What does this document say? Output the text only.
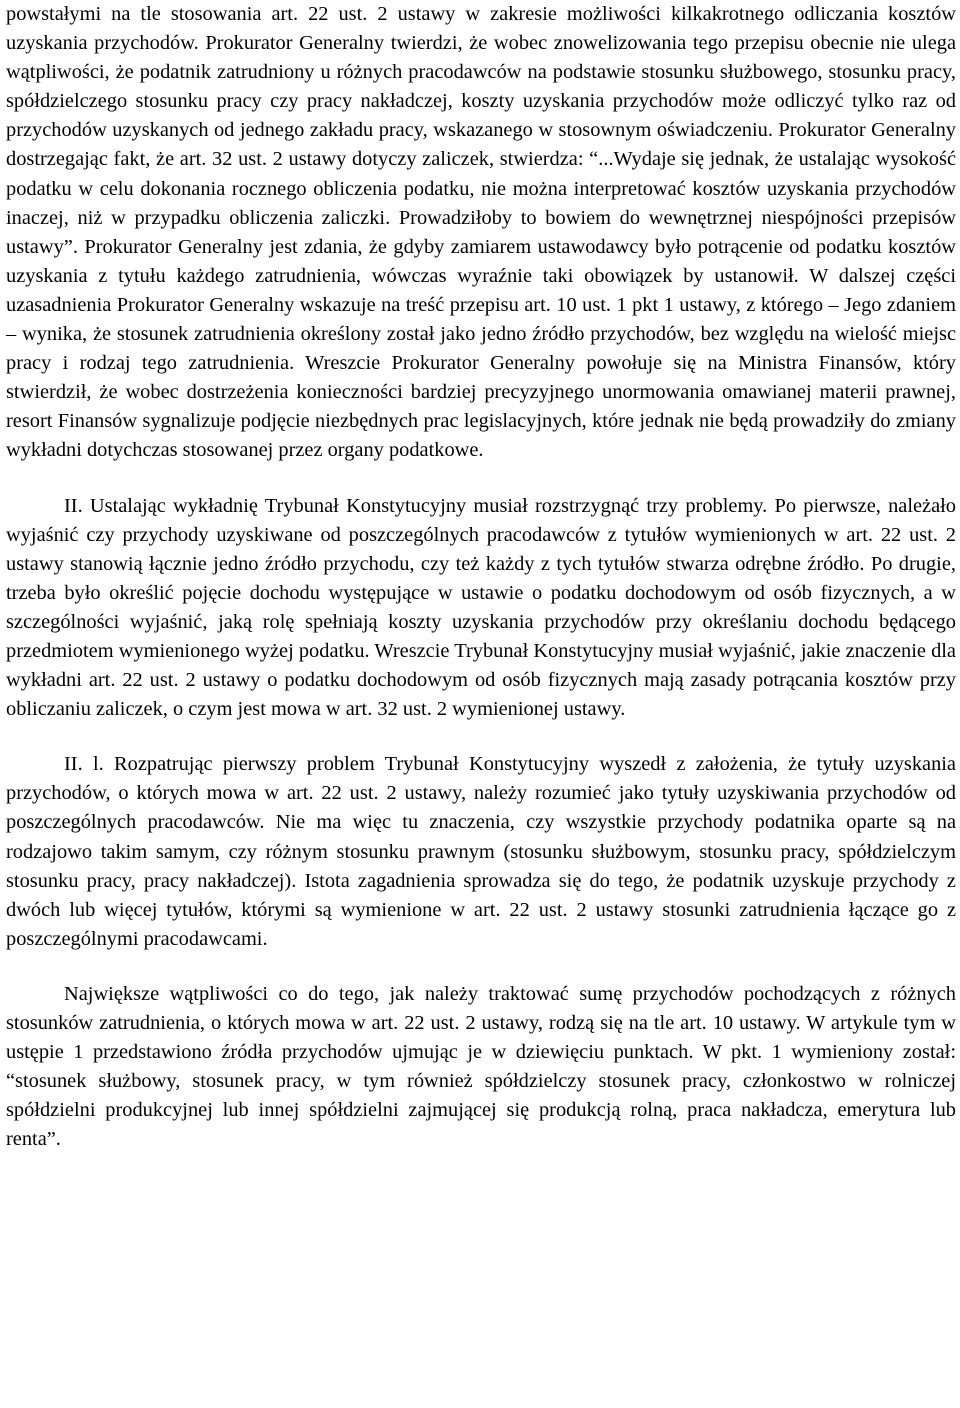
powstałymi na tle stosowania art. 22 ust. 2 ustawy w zakresie możliwości kilkakrotnego odliczania kosztów uzyskania przychodów. Prokurator Generalny twierdzi, że wobec znowelizowania tego przepisu obecnie nie ulega wątpliwości, że podatnik zatrudniony u różnych pracodawców na podstawie stosunku służbowego, stosunku pracy, spółdzielczego stosunku pracy czy pracy nakładczej, koszty uzyskania przychodów może odliczyć tylko raz od przychodów uzyskanych od jednego zakładu pracy, wskazanego w stosownym oświadczeniu. Prokurator Generalny dostrzegając fakt, że art. 32 ust. 2 ustawy dotyczy zaliczek, stwierdza: “...Wydaje się jednak, że ustalając wysokość podatku w celu dokonania rocznego obliczenia podatku, nie można interpretować kosztów uzyskania przychodów inaczej, niż w przypadku obliczenia zaliczki. Prowadziłoby to bowiem do wewnętrznej niespójności przepisów ustawy”. Prokurator Generalny jest zdania, że gdyby zamiarem ustawodawcy było potrącenie od podatku kosztów uzyskania z tytułu każdego zatrudnienia, wówczas wyraźnie taki obowiązek by ustanowił. W dalszej części uzasadnienia Prokurator Generalny wskazuje na treść przepisu art. 10 ust. 1 pkt 1 ustawy, z którego – Jego zdaniem – wynika, że stosunek zatrudnienia określony został jako jedno źródło przychodów, bez względu na wielość miejsc pracy i rodzaj tego zatrudnienia. Wreszcie Prokurator Generalny powołuje się na Ministra Finansów, który stwierdził, że wobec dostrzeżenia konieczności bardziej precyzyjnego unormowania omawianej materii prawnej, resort Finansów sygnalizuje podjęcie niezbędnych prac legislacyjnych, które jednak nie będą prowadziły do zmiany wykładni dotychczas stosowanej przez organy podatkowe.

II. Ustalając wykładnię Trybunał Konstytucyjny musiał rozstrzygnąć trzy problemy. Po pierwsze, należało wyjaśnić czy przychody uzyskiwane od poszczególnych pracodawców z tytułów wymienionych w art. 22 ust. 2 ustawy stanowią łącznie jedno źródło przychodu, czy też każdy z tych tytułów stwarza odrębne źródło. Po drugie, trzeba było określić pojęcie dochodu występujące w ustawie o podatku dochodowym od osób fizycznych, a w szczególności wyjaśnić, jaką rolę spełniają koszty uzyskania przychodów przy określaniu dochodu będącego przedmiotem wymienionego wyżej podatku. Wreszcie Trybunał Konstytucyjny musiał wyjaśnić, jakie znaczenie dla wykładni art. 22 ust. 2 ustawy o podatku dochodowym od osób fizycznych mają zasady potrącania kosztów przy obliczaniu zaliczek, o czym jest mowa w art. 32 ust. 2 wymienionej ustawy.

II. l. Rozpatrując pierwszy problem Trybunał Konstytucyjny wyszedł z założenia, że tytuły uzyskania przychodów, o których mowa w art. 22 ust. 2 ustawy, należy rozumieć jako tytuły uzyskiwania przychodów od poszczególnych pracodawców. Nie ma więc tu znaczenia, czy wszystkie przychody podatnika oparte są na rodzajowo takim samym, czy różnym stosunku prawnym (stosunku służbowym, stosunku pracy, spółdzielczym stosunku pracy, pracy nakładczej). Istota zagadnienia sprowadza się do tego, że podatnik uzyskuje przychody z dwóch lub więcej tytułów, którymi są wymienione w art. 22 ust. 2 ustawy stosunki zatrudnienia łączące go z poszczególnymi pracodawcami.

Największe wątpliwości co do tego, jak należy traktować sumę przychodów pochodzących z różnych stosunków zatrudnienia, o których mowa w art. 22 ust. 2 ustawy, rodzą się na tle art. 10 ustawy. W artykule tym w ustępie 1 przedstawiono źródła przychodów ujmując je w dziewięciu punktach. W pkt. 1 wymieniony został: “stosunek służbowy, stosunek pracy, w tym również spółdzielczy stosunek pracy, członkostwo w rolniczej spółdzielni produkcyjnej lub innej spółdzielni zajmującej się produkcją rolną, praca nakładcza, emerytura lub renta”.
